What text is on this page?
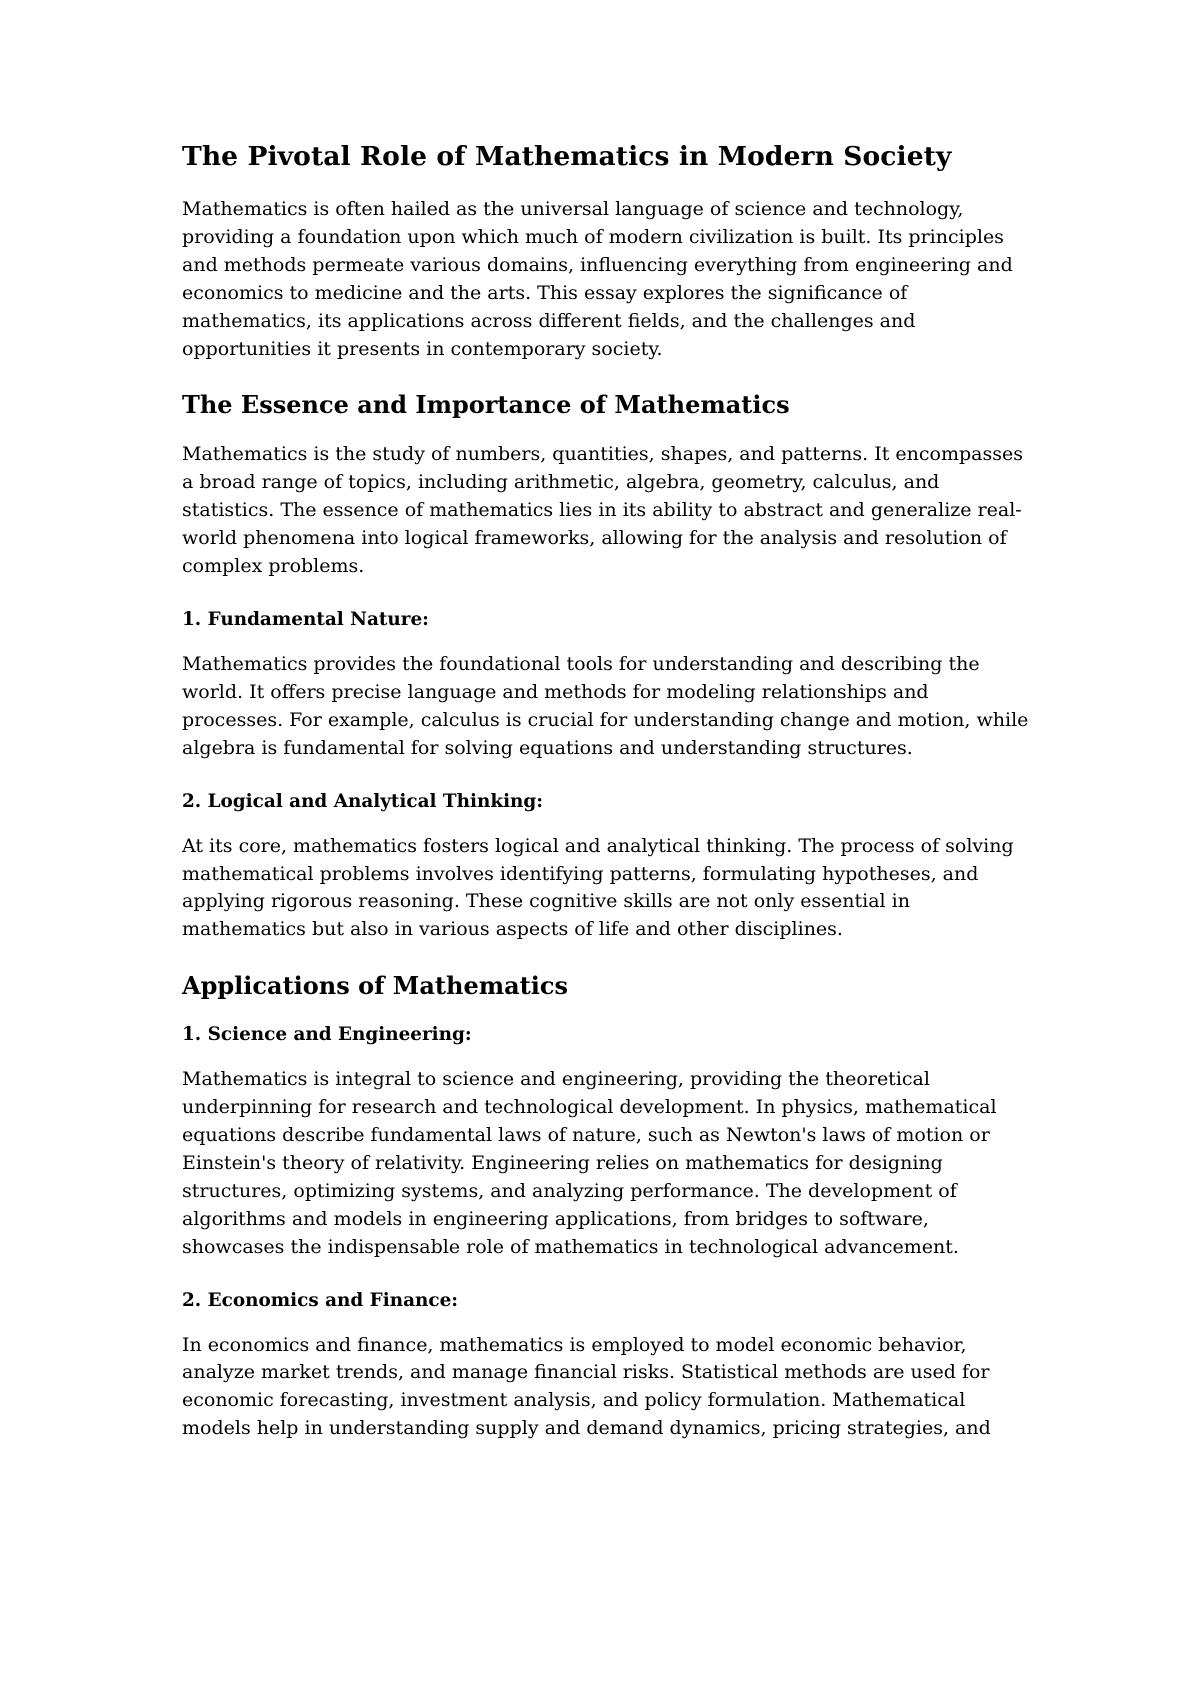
The Pivotal Role of Mathematics in Modern Society

Mathematics is often hailed as the universal language of science and technology, providing a foundation upon which much of modern civilization is built. Its principles and methods permeate various domains, influencing everything from engineering and economics to medicine and the arts. This essay explores the significance of mathematics, its applications across different fields, and the challenges and opportunities it presents in contemporary society.

The Essence and Importance of Mathematics

Mathematics is the study of numbers, quantities, shapes, and patterns. It encompasses a broad range of topics, including arithmetic, algebra, geometry, calculus, and statistics. The essence of mathematics lies in its ability to abstract and generalize real-world phenomena into logical frameworks, allowing for the analysis and resolution of complex problems.

1. Fundamental Nature:

Mathematics provides the foundational tools for understanding and describing the world. It offers precise language and methods for modeling relationships and processes. For example, calculus is crucial for understanding change and motion, while algebra is fundamental for solving equations and understanding structures.

2. Logical and Analytical Thinking:

At its core, mathematics fosters logical and analytical thinking. The process of solving mathematical problems involves identifying patterns, formulating hypotheses, and applying rigorous reasoning. These cognitive skills are not only essential in mathematics but also in various aspects of life and other disciplines.

Applications of Mathematics
1. Science and Engineering:

Mathematics is integral to science and engineering, providing the theoretical underpinning for research and technological development. In physics, mathematical equations describe fundamental laws of nature, such as Newton's laws of motion or Einstein's theory of relativity. Engineering relies on mathematics for designing structures, optimizing systems, and analyzing performance. The development of algorithms and models in engineering applications, from bridges to software, showcases the indispensable role of mathematics in technological advancement.

2. Economics and Finance:

In economics and finance, mathematics is employed to model economic behavior, analyze market trends, and manage financial risks. Statistical methods are used for economic forecasting, investment analysis, and policy formulation. Mathematical models help in understanding supply and demand dynamics, pricing strategies, and
